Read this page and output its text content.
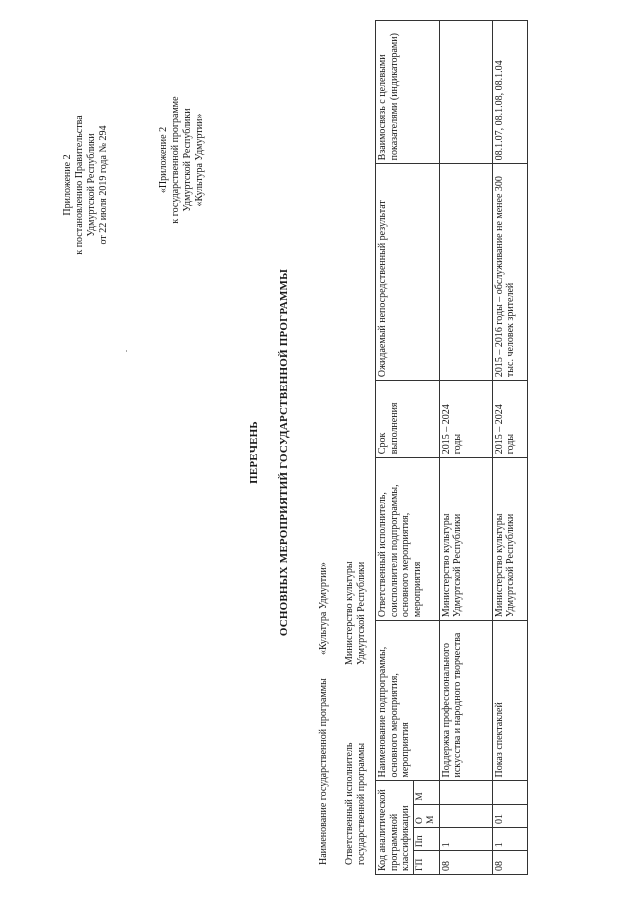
Приложение 2 к постановлению Правительства Удмуртской Республики от 22 июля 2019 года № 294	«Приложение 2 к государственной программе Удмуртской Республики «Культура Удмуртии»
.
ПЕРЕЧЕНЬ ОСНОВНЫХ МЕРОПРИЯТИЙ ГОСУДАРСТВЕННОЙ ПРОГРАММЫ
Наименование государственной программы
«Культура Удмуртии»
Ответственный исполнитель государственной программы
Министерство культуры Удмуртской Республики
Код аналитической программной классификации				Наименование подпрограммы, основного мероприятия, мероприятия	Ответственный исполнитель, соисполнители подпрограммы, основного мероприятия, мероприятия	Срок выполнения	Ожидаемый непосредственный результат	Взаимосвязь с целевыми показателями (индикаторами)
ГП	Пп	О М	М					
08	1			Поддержка профессионального искусства и народного творчества	Министерство культуры Удмуртской Республики	2015 – 2024 годы		
08	1	01		Показ спектаклей	Министерство культуры Удмуртской Республики	2015 – 2024 годы	2015 – 2016 годы – обслуживание не менее 300 тыс. человек зрителей	08.1.07, 08.1.08, 08.1.04
